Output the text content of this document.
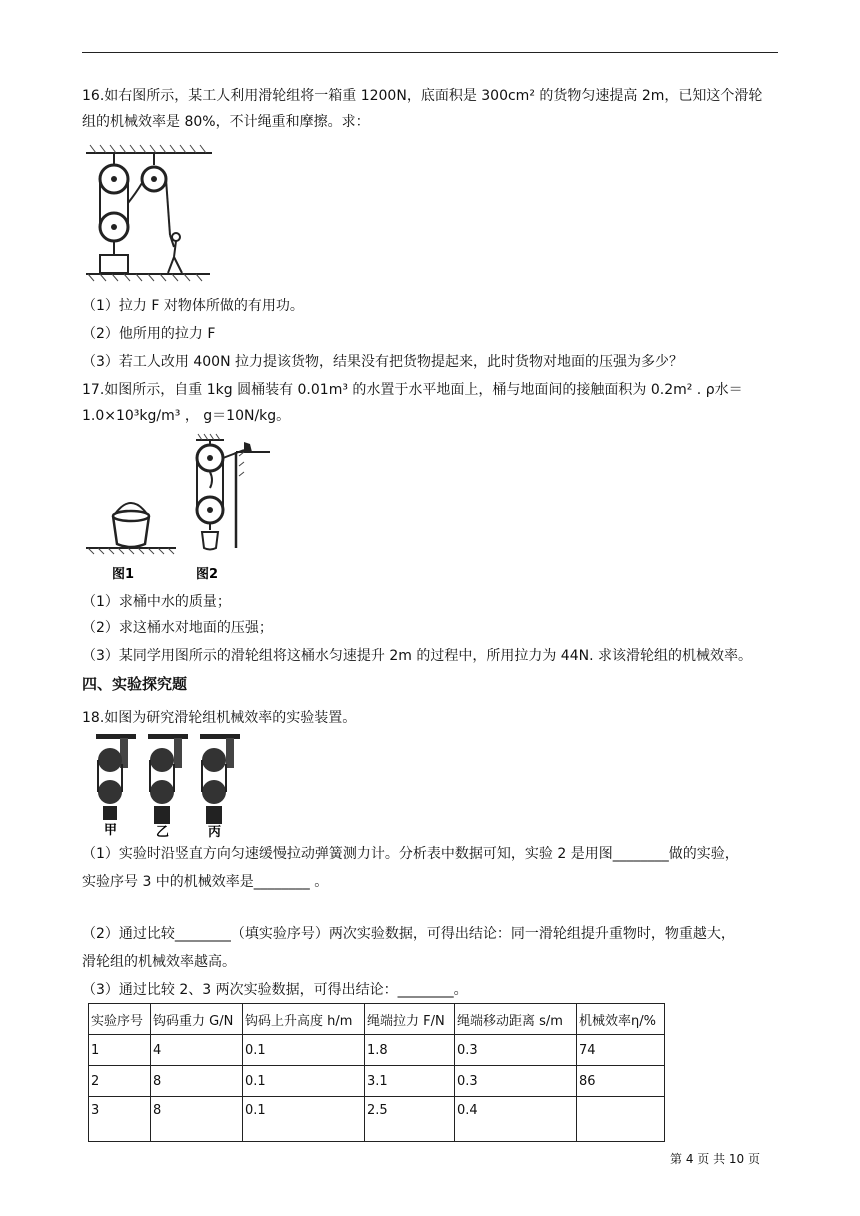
16.如右图所示，某工人利用滑轮组将一箱重 1200N，底面积是 300cm² 的货物匀速提高 2m，已知这个滑轮

组的机械效率是 80%，不计绳重和摩擦。求：

（1）拉力 F 对物体所做的有用功。

（2）他所用的拉力 F

（3）若工人改用 400N 拉力提该货物，结果没有把货物提起来，此时货物对地面的压强为多少？

17.如图所示，自重 1kg 圆桶装有 0.01m³ 的水置于水平地面上，桶与地面间的接触面积为 0.2m² . ρ水＝

1.0×10³kg/m³ ， g＝10N/kg。

图1	图2

（1）求桶中水的质量；

（2）求这桶水对地面的压强；

（3）某同学用图所示的滑轮组将这桶水匀速提升 2m 的过程中，所用拉力为 44N. 求该滑轮组的机械效率。

四、实验探究题

18.如图为研究滑轮组机械效率的实验装置。

甲	乙	丙

（1）实验时沿竖直方向匀速缓慢拉动弹簧测力计。分析表中数据可知，实验 2 是用图________做的实验，

实验序号 3 中的机械效率是________ 。

（2）通过比较________（填实验序号）两次实验数据，可得出结论：同一滑轮组提升重物时，物重越大，

滑轮组的机械效率越高。

（3）通过比较 2、3 两次实验数据，可得出结论：________。

实验序号	钩码重力 G/N	钩码上升高度 h/m	绳端拉力 F/N	绳端移动距离 s/m	机械效率η/%
1	4	0.1	1.8	0.3	74
2	8	0.1	3.1	0.3	86
3	8	0.1	2.5	0.4	
第 4 页 共 10 页
